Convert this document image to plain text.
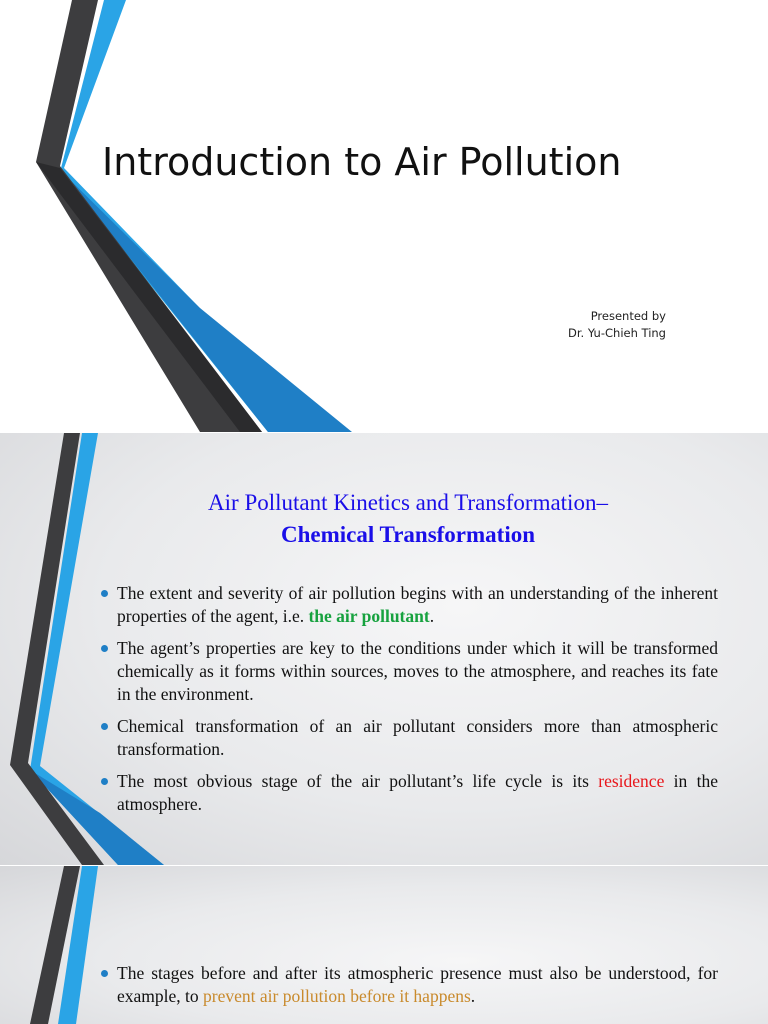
Introduction to Air Pollution
Presented by
Dr. Yu-Chieh Ting
Air Pollutant Kinetics and Transformation–
Chemical Transformation
The extent and severity of air pollution begins with an understanding of the inherent properties of the agent, i.e. the air pollutant.
The agent’s properties are key to the conditions under which it will be transformed chemically as it forms within sources, moves to the atmosphere, and reaches its fate in the environment.
Chemical transformation of an air pollutant considers more than atmospheric transformation.
The most obvious stage of the air pollutant’s life cycle is its residence in the atmosphere.
The stages before and after its atmospheric presence must also be understood, for example, to prevent air pollution before it happens.
